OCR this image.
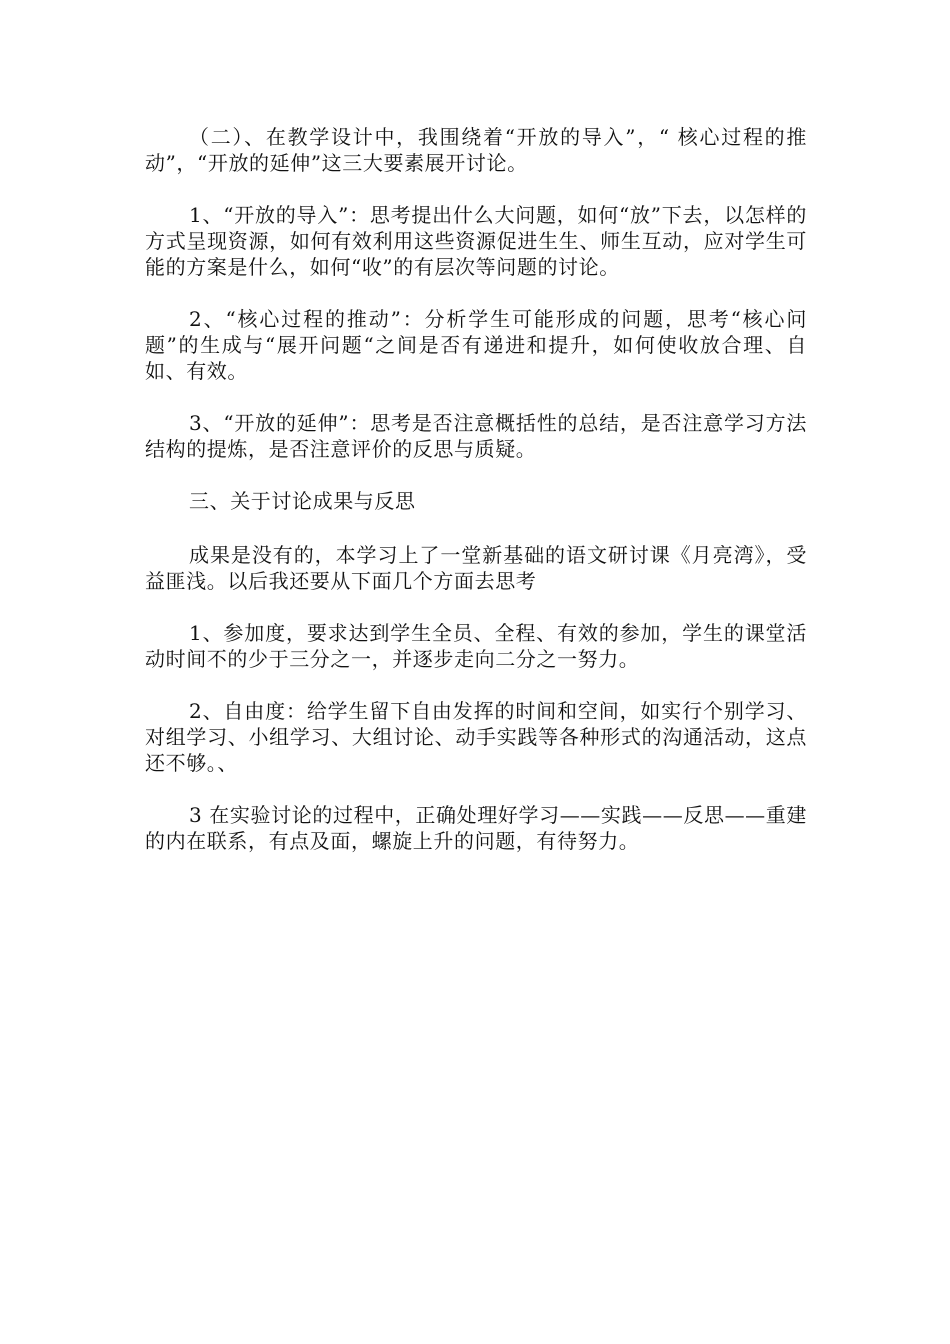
（二）、在教学设计中，我围绕着“开放的导入”，“ 核心过程的推动”，“开放的延伸”这三大要素展开讨论。

1、“开放的导入”：思考提出什么大问题，如何“放”下去，以怎样的方式呈现资源，如何有效利用这些资源促进生生、师生互动，应对学生可能的方案是什么，如何“收”的有层次等问题的讨论。

2、“核心过程的推动”：分析学生可能形成的问题，思考“核心问题”的生成与“展开问题“之间是否有递进和提升，如何使收放合理、自如、有效。

3、“开放的延伸”：思考是否注意概括性的总结，是否注意学习方法结构的提炼，是否注意评价的反思与质疑。

三、关于讨论成果与反思

成果是没有的，本学习上了一堂新基础的语文研讨课《月亮湾》，受益匪浅。以后我还要从下面几个方面去思考

1、参加度，要求达到学生全员、全程、有效的参加，学生的课堂活动时间不的少于三分之一，并逐步走向二分之一努力。

2、自由度：给学生留下自由发挥的时间和空间，如实行个别学习、对组学习、小组学习、大组讨论、动手实践等各种形式的沟通活动，这点还不够。、

3 在实验讨论的过程中，正确处理好学习——实践——反思——重建的内在联系，有点及面，螺旋上升的问题，有待努力。
